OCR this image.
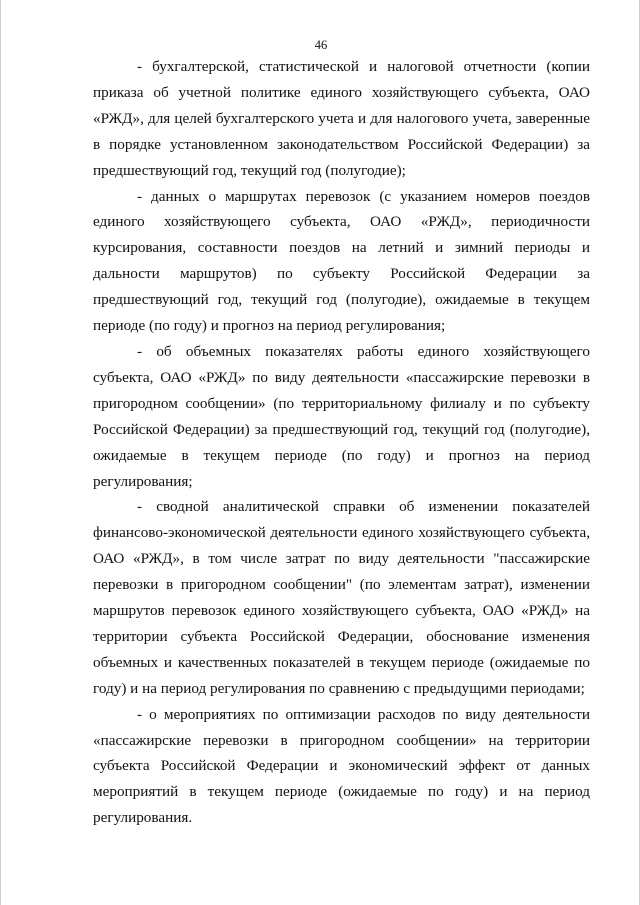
46

- бухгалтерской, статистической и налоговой отчетности (копии приказа об учетной политике единого хозяйствующего субъекта, ОАО «РЖД», для целей бухгалтерского учета и для налогового учета, заверенные в порядке установленном законодательством Российской Федерации) за предшествующий год, текущий год (полугодие);

- данных о маршрутах перевозок (с указанием номеров поездов единого хозяйствующего субъекта, ОАО «РЖД», периодичности курсирования, составности поездов на летний и зимний периоды и дальности маршрутов) по субъекту Российской Федерации за предшествующий год, текущий год (полугодие), ожидаемые в текущем периоде (по году) и прогноз на период регулирования;

- об объемных показателях работы единого хозяйствующего субъекта, ОАО «РЖД» по виду деятельности «пассажирские перевозки в пригородном сообщении» (по территориальному филиалу и по субъекту Российской Федерации) за предшествующий год, текущий год (полугодие), ожидаемые в текущем периоде (по году) и прогноз на период регулирования;

- сводной аналитической справки об изменении показателей финансово-экономической деятельности единого хозяйствующего субъекта, ОАО «РЖД», в том числе затрат по виду деятельности "пассажирские перевозки в пригородном сообщении" (по элементам затрат), изменении маршрутов перевозок единого хозяйствующего субъекта, ОАО «РЖД» на территории субъекта Российской Федерации, обоснование изменения объемных и качественных показателей в текущем периоде (ожидаемые по году) и на период регулирования по сравнению с предыдущими периодами;

- о мероприятиях по оптимизации расходов по виду деятельности «пассажирские перевозки в пригородном сообщении» на территории субъекта Российской Федерации и экономический эффект от данных мероприятий в текущем периоде (ожидаемые по году) и на период регулирования.
